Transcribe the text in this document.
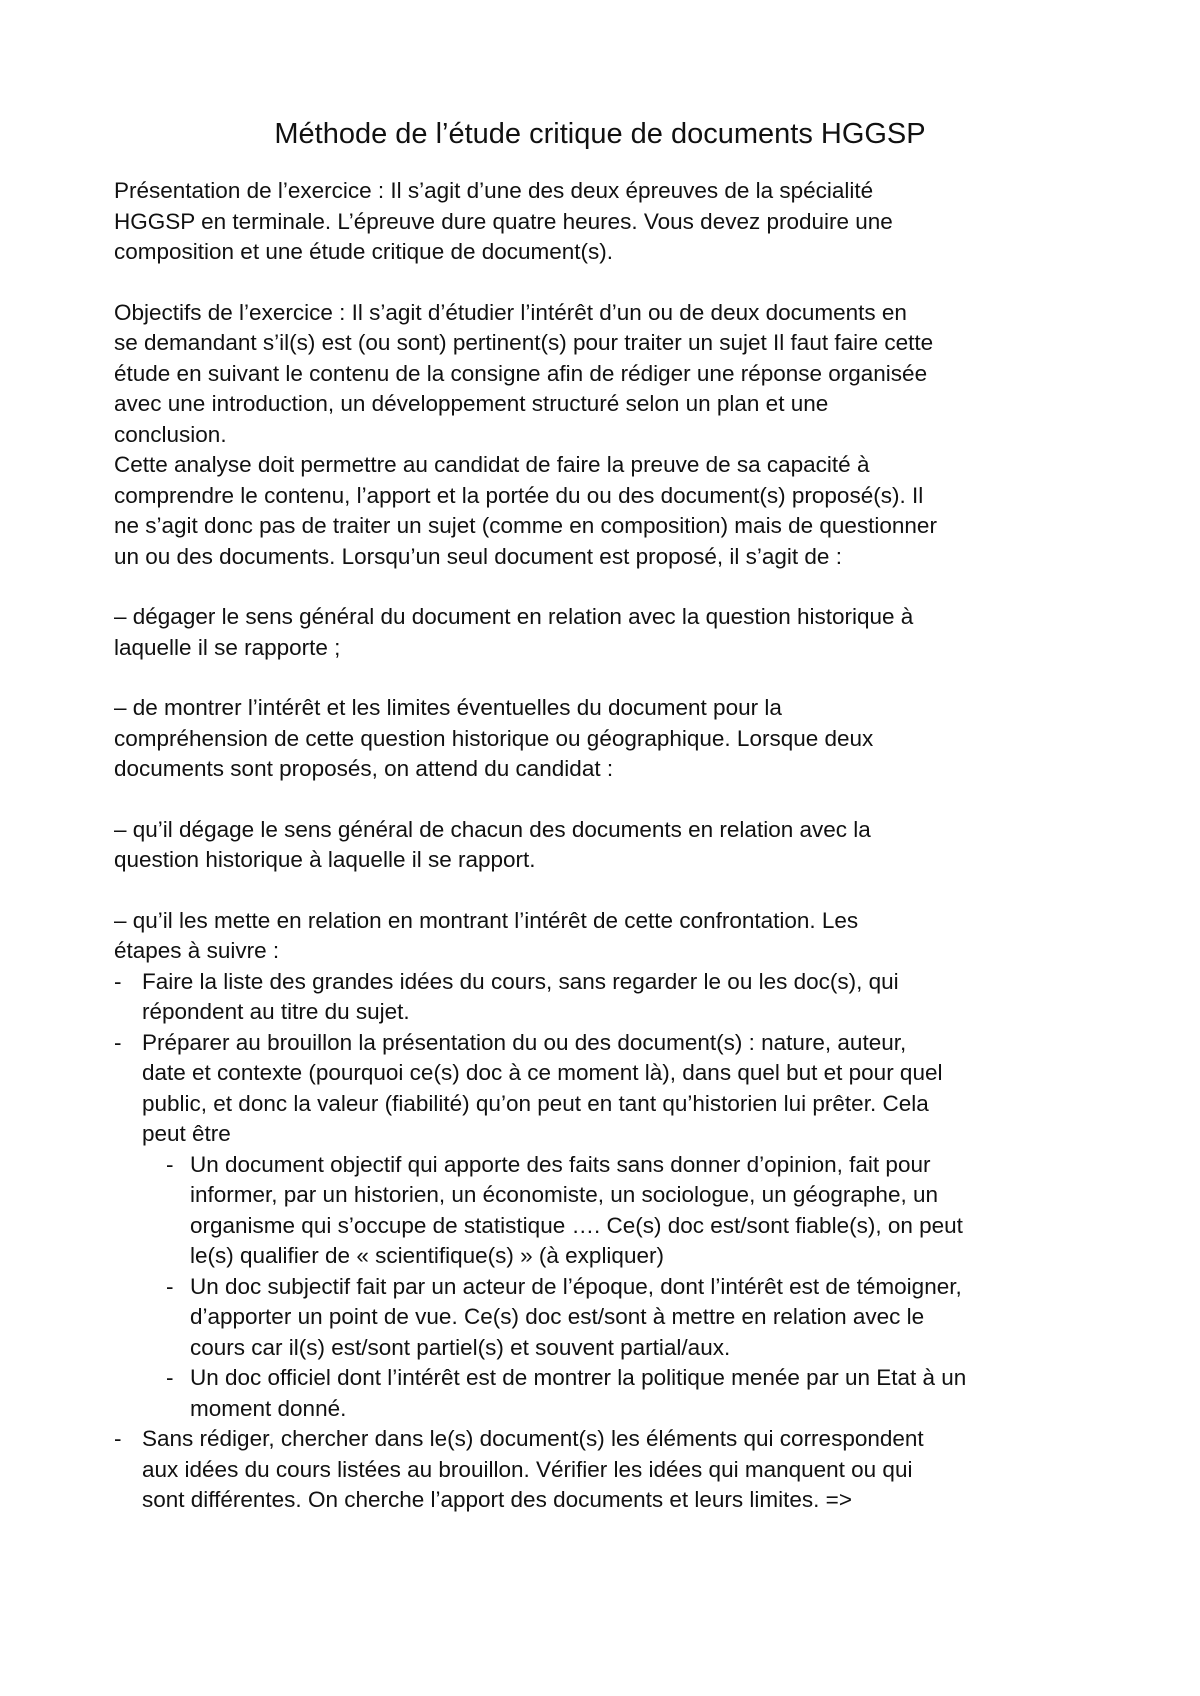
Méthode de l’étude critique de documents HGGSP

Présentation de l’exercice : Il s’agit d’une des deux épreuves de la spécialité
HGGSP en terminale. L’épreuve dure quatre heures. Vous devez produire une
composition et une étude critique de document(s).

Objectifs de l’exercice : Il s’agit d’étudier l’intérêt d’un ou de deux documents en
se demandant s’il(s) est (ou sont) pertinent(s) pour traiter un sujet Il faut faire cette
étude en suivant le contenu de la consigne afin de rédiger une réponse organisée
avec une introduction, un développement structuré selon un plan et une
conclusion.
Cette analyse doit permettre au candidat de faire la preuve de sa capacité à
comprendre le contenu, l’apport et la portée du ou des document(s) proposé(s). Il
ne s’agit donc pas de traiter un sujet (comme en composition) mais de questionner
un ou des documents. Lorsqu’un seul document est proposé, il s’agit de :

– dégager le sens général du document en relation avec la question historique à
laquelle il se rapporte ;

– de montrer l’intérêt et les limites éventuelles du document pour la
compréhension de cette question historique ou géographique. Lorsque deux
documents sont proposés, on attend du candidat :

– qu’il dégage le sens général de chacun des documents en relation avec la
question historique à laquelle il se rapport.

– qu’il les mette en relation en montrant l’intérêt de cette confrontation. Les
étapes à suivre :

- Faire la liste des grandes idées du cours, sans regarder le ou les doc(s), qui
répondent au titre du sujet.
- Préparer au brouillon la présentation du ou des document(s) : nature, auteur,
date et contexte (pourquoi ce(s) doc à ce moment là), dans quel but et pour quel
public, et donc la valeur (fiabilité) qu’on peut en tant qu’historien lui prêter. Cela
peut être
- Un document objectif qui apporte des faits sans donner d’opinion, fait pour
informer, par un historien, un économiste, un sociologue, un géographe, un
organisme qui s’occupe de statistique …. Ce(s) doc est/sont fiable(s), on peut
le(s) qualifier de « scientifique(s) » (à expliquer)
- Un doc subjectif fait par un acteur de l’époque, dont l’intérêt est de témoigner,
d’apporter un point de vue. Ce(s) doc est/sont à mettre en relation avec le
cours car il(s) est/sont partiel(s) et souvent partial/aux.
- Un doc officiel dont l’intérêt est de montrer la politique menée par un Etat à un
moment donné.
- Sans rédiger, chercher dans le(s) document(s) les éléments qui correspondent
aux idées du cours listées au brouillon. Vérifier les idées qui manquent ou qui
sont différentes. On cherche l’apport des documents et leurs limites. =>
